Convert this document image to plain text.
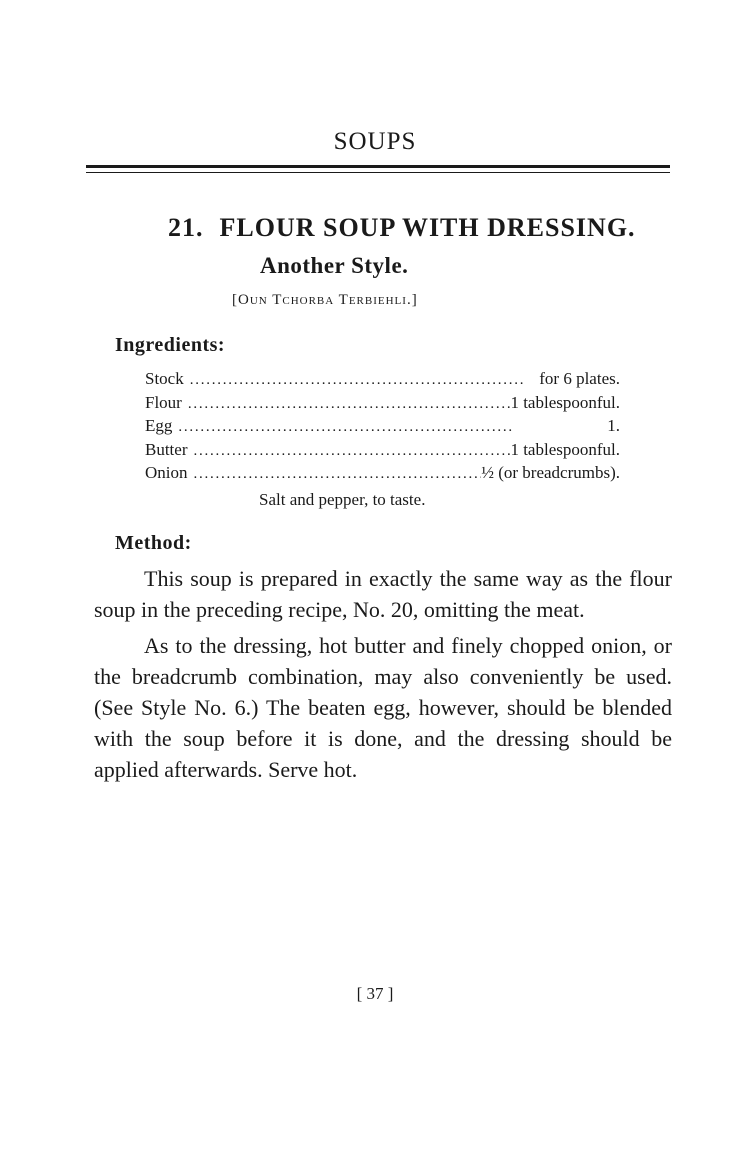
SOUPS
21. FLOUR SOUP WITH DRESSING.
Another Style.
[Oun Tchorba Terbiehli.]
Ingredients:
Stock . . .	for 6 plates.
Flour . . .	1 tablespoonful.
Egg . . .	1.
Butter . . .	1 tablespoonful.
Onion . . .	½ (or breadcrumbs).
Salt and pepper, to taste.
Method:

This soup is prepared in exactly the same way as the flour soup in the preceding recipe, No. 20, omitting the meat.

As to the dressing, hot butter and finely chopped onion, or the breadcrumb combination, may also conveniently be used. (See Style No. 6.) The beaten egg, however, should be blended with the soup before it is done, and the dressing should be applied afterwards. Serve hot.

[ 37 ]
